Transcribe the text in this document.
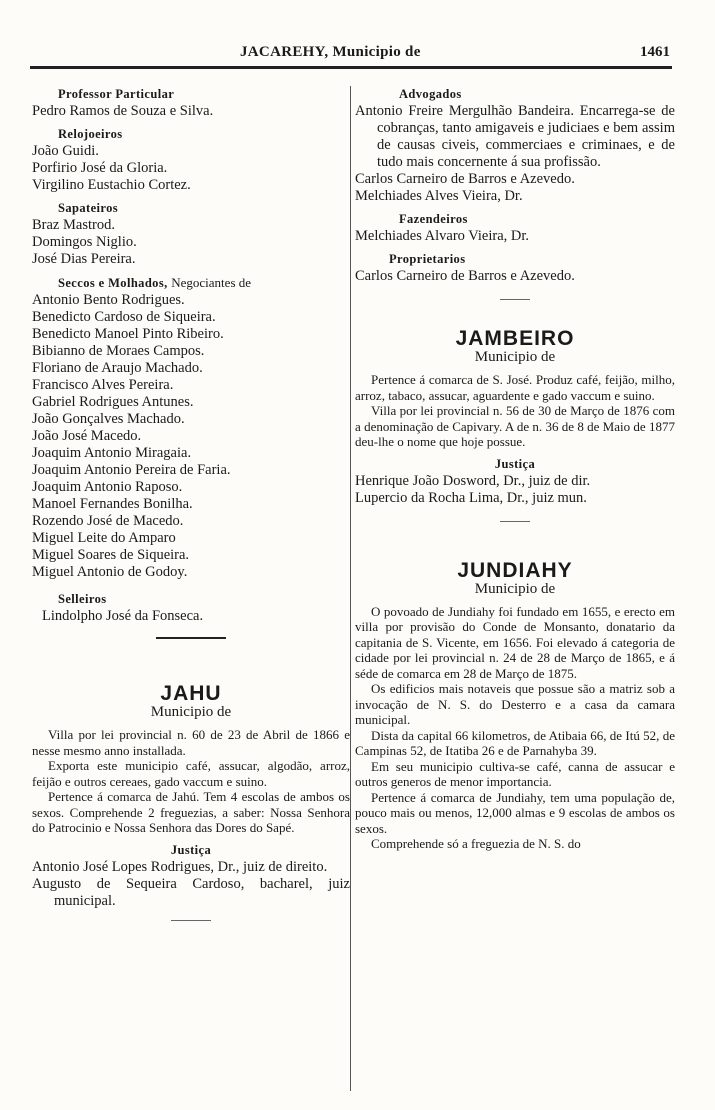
JACAREHY, Municipio de	1461
Professor Particular
Pedro Ramos de Souza e Silva.
Relojoeiros
João Guidi.
Porfirio José da Gloria.
Virgilino Eustachio Cortez.
Sapateiros
Braz Mastrod.
Domingos Niglio.
José Dias Pereira.
Seccos e Molhados, Negociantes de
Antonio Bento Rodrigues.
Benedicto Cardoso de Siqueira.
Benedicto Manoel Pinto Ribeiro.
Bibianno de Moraes Campos.
Floriano de Araujo Machado.
Francisco Alves Pereira.
Gabriel Rodrigues Antunes.
João Gonçalves Machado.
João José Macedo.
Joaquim Antonio Miragaia.
Joaquim Antonio Pereira de Faria.
Joaquim Antonio Raposo.
Manoel Fernandes Bonilha.
Rozendo José de Macedo.
Miguel Leite do Amparo
Miguel Soares de Siqueira.
Miguel Antonio de Godoy.
Selleiros
Lindolpho José da Fonseca.
JAHU
Municipio de
Villa por lei provincial n. 60 de 23 de Abril de 1866 e nesse mesmo anno installada.
Exporta este municipio café, assucar, algodão, arroz, feijão e outros cereaes, gado vaccum e suino.
Pertence á comarca de Jahú. Tem 4 escolas de ambos os sexos. Comprehende 2 freguezias, a saber: Nossa Senhora do Patrocinio e Nossa Senhora das Dores do Sapé.
Justiça
Antonio José Lopes Rodrigues, Dr., juiz de direito.
Augusto de Sequeira Cardoso, bacharel, juiz municipal.
Advogados
Antonio Freire Mergulhão Bandeira. Encarrega-se de cobranças, tanto amigaveis e judiciaes e bem assim de causas civeis, commerciaes e criminaes, e de tudo mais concernente á sua profissão.
Carlos Carneiro de Barros e Azevedo.
Melchiades Alves Vieira, Dr.
Fazendeiros
Melchiades Alvaro Vieira, Dr.
Proprietarios
Carlos Carneiro de Barros e Azevedo.
JAMBEIRO
Municipio de
Pertence á comarca de S. José. Produz café, feijão, milho, arroz, tabaco, assucar, aguardente e gado vaccum e suino.
Villa por lei provincial n. 56 de 30 de Março de 1876 com a denominação de Capivary. A de n. 36 de 8 de Maio de 1877 deu-lhe o nome que hoje possue.
Justiça
Henrique João Dosword, Dr., juiz de dir.
Lupercio da Rocha Lima, Dr., juiz mun.
JUNDIAHY
Municipio de
O povoado de Jundiahy foi fundado em 1655, e erecto em villa por provisão do Conde de Monsanto, donatario da capitania de S. Vicente, em 1656. Foi elevado á categoria de cidade por lei provincial n. 24 de 28 de Março de 1865, e á séde de comarca em 28 de Março de 1875.
Os edificios mais notaveis que possue são a matriz sob a invocação de N. S. do Desterro e a casa da camara municipal.
Dista da capital 66 kilometros, de Atibaia 66, de Itú 52, de Campinas 52, de Itatiba 26 e de Parnahyba 39.
Em seu municipio cultiva-se café, canna de assucar e outros generos de menor importancia.
Pertence á comarca de Jundiahy, tem uma população de, pouco mais ou menos, 12,000 almas e 9 escolas de ambos os sexos.
Comprehende só a freguezia de N. S. do
